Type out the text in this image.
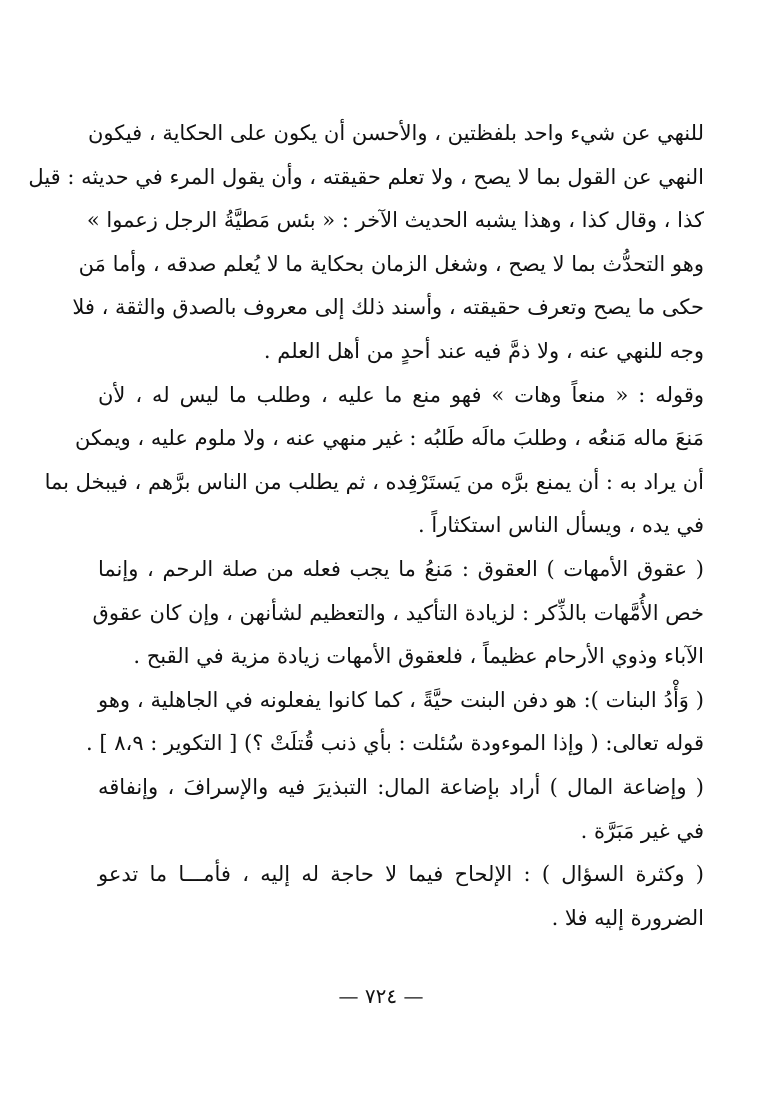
للنهي عن شيء واحد بلفظتين ، والأحسن أن يكون على الحكاية ، فيكون
النهي عن القول بما لا يصح ، ولا تعلم حقيقته ، وأن يقول المرء في حديثه : قيل
كذا ، وقال كذا ، وهذا يشبه الحديث الآخر : « بئس مَطيَّةُ الرجل زعموا »
وهو التحدُّث بما لا يصح ، وشغل الزمان بحكاية ما لا يُعلم صدقه ، وأما مَن
حكى ما يصح وتعرف حقيقته ، وأسند ذلك إلى معروف بالصدق والثقة ، فلا
وجه للنهي عنه ، ولا ذمَّ فيه عند أحدٍ من أهل العلم .
وقوله : « منعاً وهات » فهو منع ما عليه ، وطلب ما ليس له ، لأن
مَنعَ ماله مَنعُه ، وطلبَ مالَه طَلبُه : غير منهي عنه ، ولا ملوم عليه ، ويمكن
أن يراد به : أن يمنع برَّه من يَستَرْفِده ، ثم يطلب من الناس برَّهم ، فيبخل بما
في يده ، ويسأل الناس استكثاراً .
( عقوق الأمهات ) العقوق : مَنعُ ما يجب فعله من صلة الرحم ، وإنما
خص الأُمَّهات بالذِّكر : لزيادة التأكيد ، والتعظيم لشأنهن ، وإن كان عقوق
الآباء وذوي الأرحام عظيماً ، فلعقوق الأمهات زيادة مزية في القبح .
( وَأْدُ البنات ): هو دفن البنت حيَّةً ، كما كانوا يفعلونه في الجاهلية ، وهو
قوله تعالى: ( وإذا الموءودة سُئلت : بأي ذنب قُتلَتْ ؟) [ التكوير : ٨،٩ ] .
( وإضاعة المال ) أراد بإضاعة المال: التبذيرَ فيه والإسرافَ ، وإنفاقه
في غير مَبَرَّة .
( وكثرة السؤال ) : الإلحاح فيما لا حاجة له إليه ، فأمـــا ما تدعو
الضرورة إليه فلا .
— ٧٢٤ —
